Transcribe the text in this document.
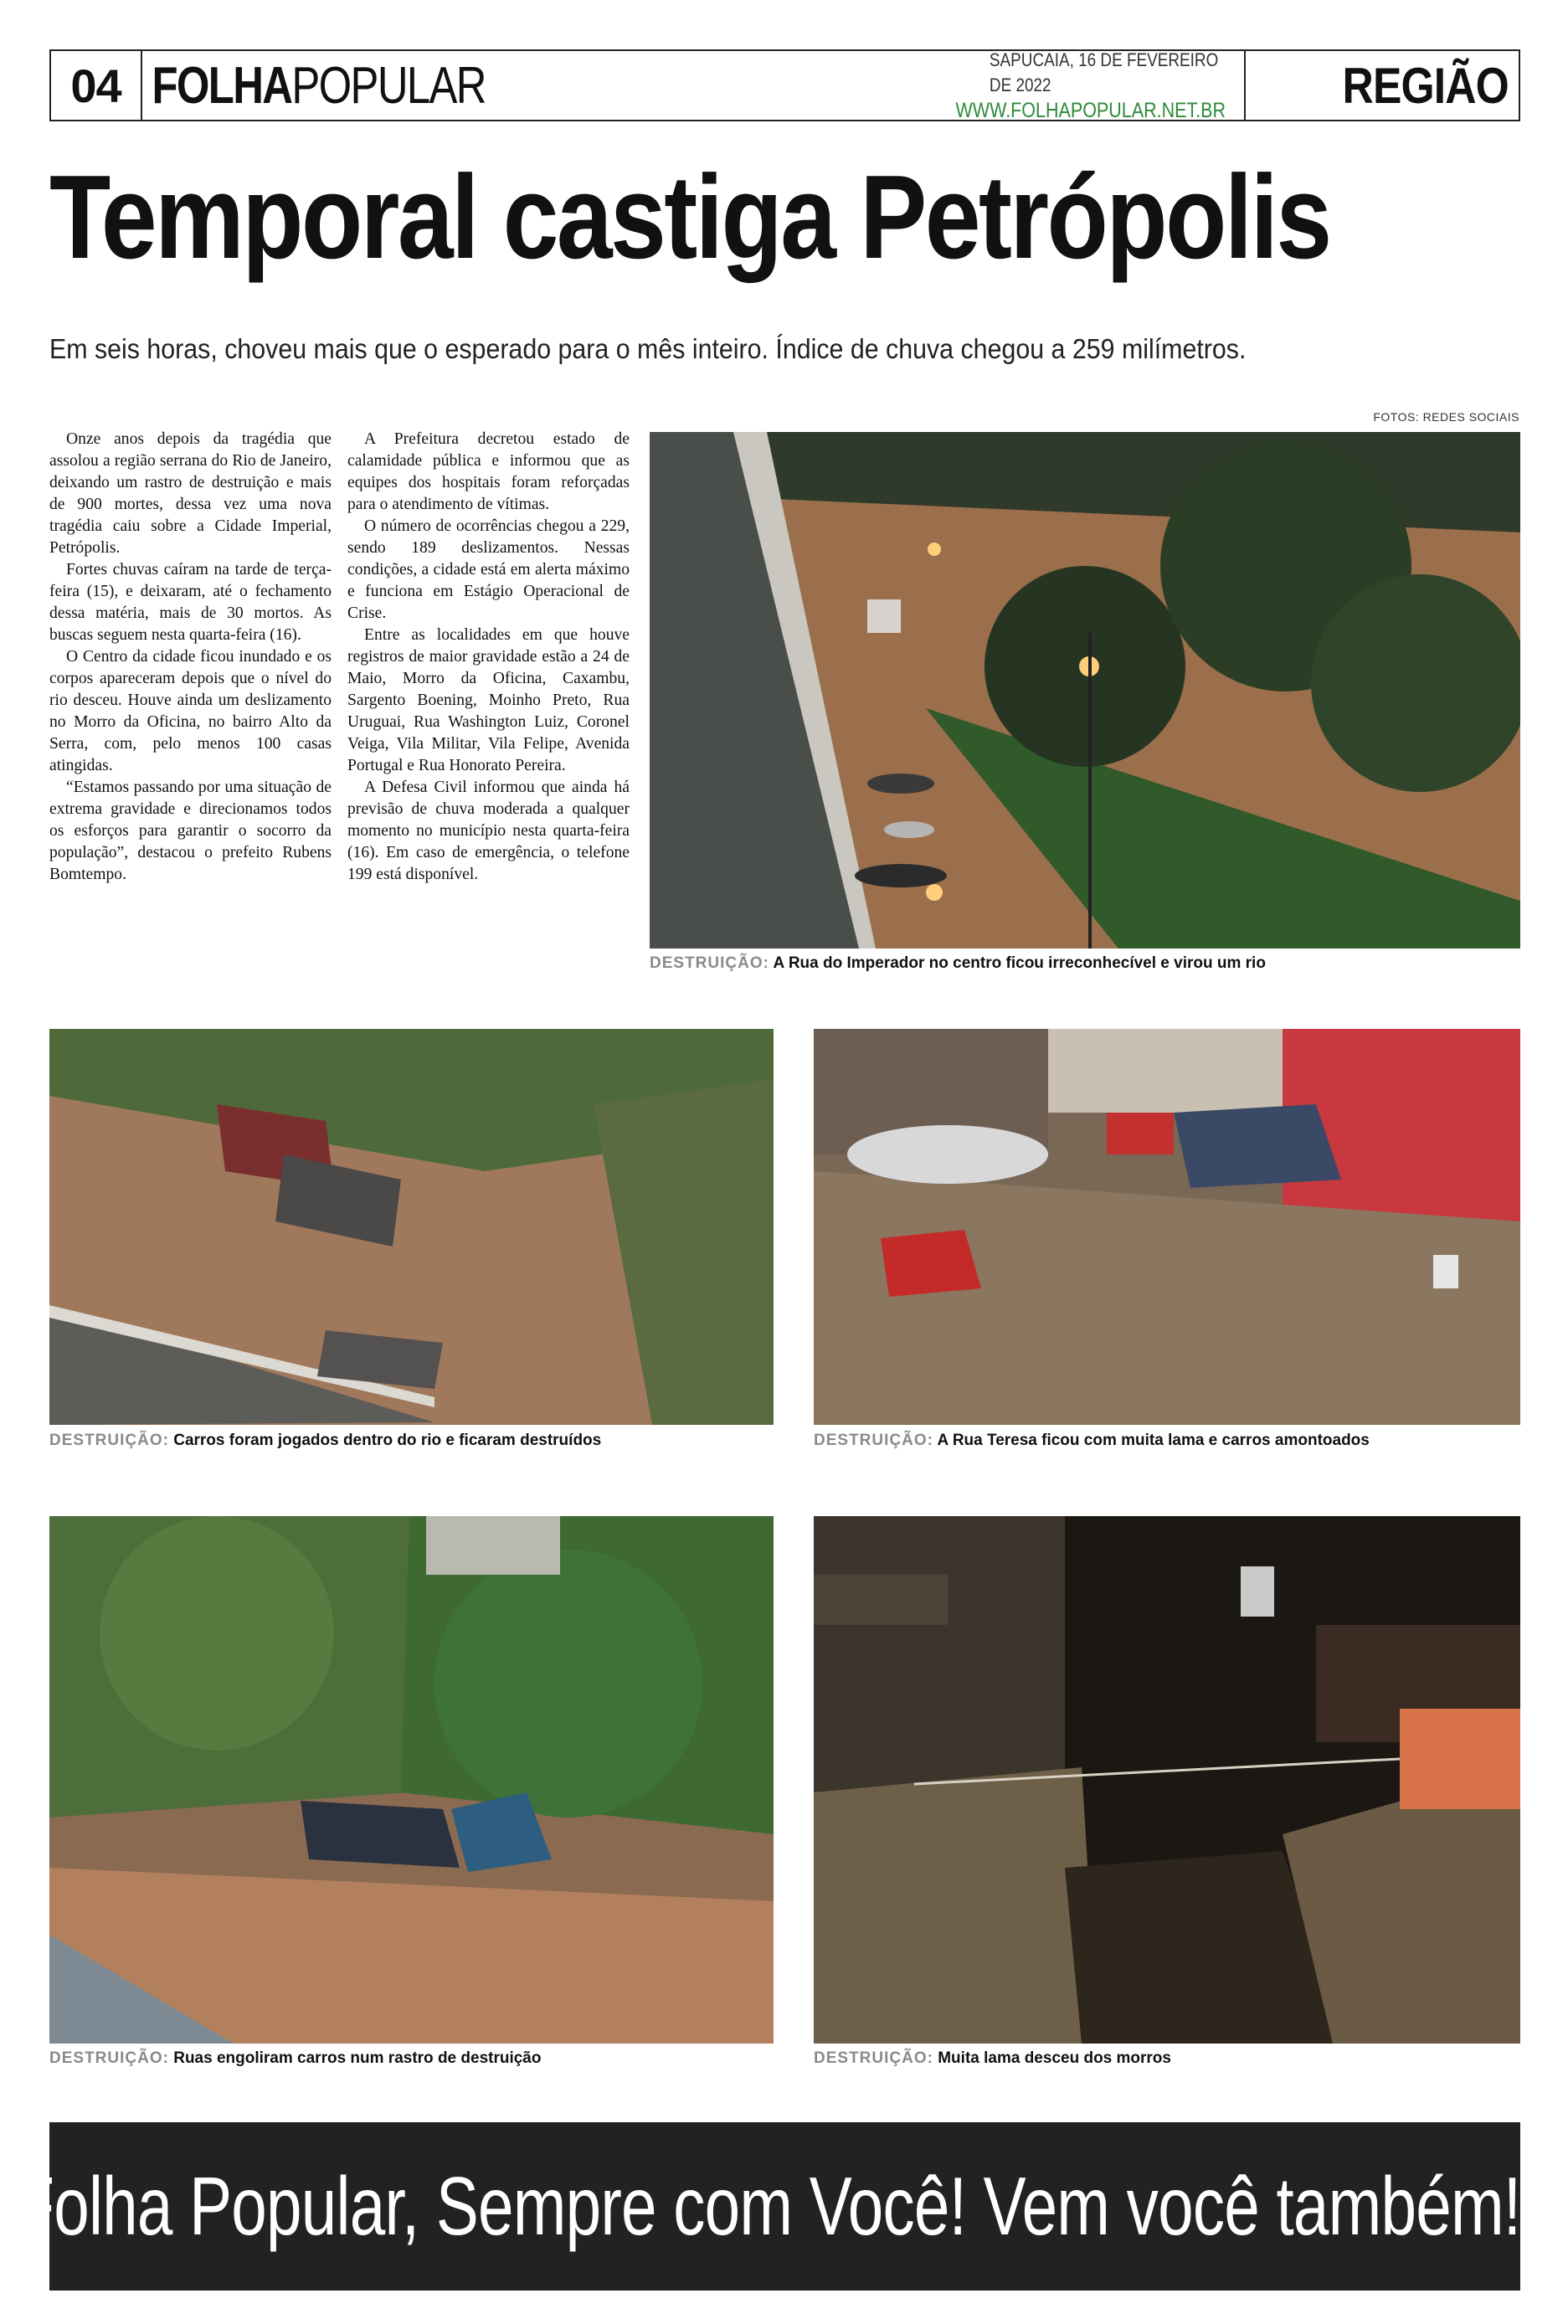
04 FOLHA POPULAR	SAPUCAIA, 16 DE FEVEREIRO DE 2022
WWW.FOLHAPOPULAR.NET.BR	REGIÃO
Temporal castiga Petrópolis
Em seis horas, choveu mais que o esperado para o mês inteiro. Índice de chuva chegou a 259 milímetros.
FOTOS: REDES SOCIAIS

Onze anos depois da tragédia que assolou a região serrana do Rio de Janeiro, deixando um rastro de destruição e mais de 900 mortes, dessa vez uma nova tragédia caiu sobre a Cidade Imperial, Petrópolis.

Fortes chuvas caíram na tarde de terça-feira (15), e deixaram, até o fechamento dessa matéria, mais de 30 mortos. As buscas seguem nesta quarta-feira (16).

O Centro da cidade ficou inundado e os corpos apareceram depois que o nível do rio desceu. Houve ainda um deslizamento no Morro da Oficina, no bairro Alto da Serra, com, pelo menos 100 casas atingidas.

“Estamos passando por uma situação de extrema gravidade e direcionamos todos os esforços para garantir o socorro da população”, destacou o prefeito Rubens Bomtempo.

A Prefeitura decretou estado de calamidade pública e informou que as equipes dos hospitais foram reforçadas para o atendimento de vítimas.

O número de ocorrências chegou a 229, sendo 189 deslizamentos. Nessas condições, a cidade está em alerta máximo e funciona em Estágio Operacional de Crise.

Entre as localidades em que houve registros de maior gravidade estão a 24 de Maio, Morro da Oficina, Caxambu, Sargento Boening, Moinho Preto, Rua Uruguai, Rua Washington Luiz, Coronel Veiga, Vila Militar, Vila Felipe, Avenida Portugal e Rua Honorato Pereira.

A Defesa Civil informou que ainda há previsão de chuva moderada a qualquer momento no município nesta quarta-feira (16). Em caso de emergência, o telefone 199 está disponível.

DESTRUIÇÃO: A Rua do Imperador no centro ficou irreconhecível e virou um rio
DESTRUIÇÃO: Carros foram jogados dentro do rio e ficaram destruídos	DESTRUIÇÃO: A Rua Teresa ficou com muita lama e carros amontoados
DESTRUIÇÃO: Ruas engoliram carros num rastro de destruição	DESTRUIÇÃO: Muita lama desceu dos morros
Folha Popular, Sempre com Você! Vem você também!!!
